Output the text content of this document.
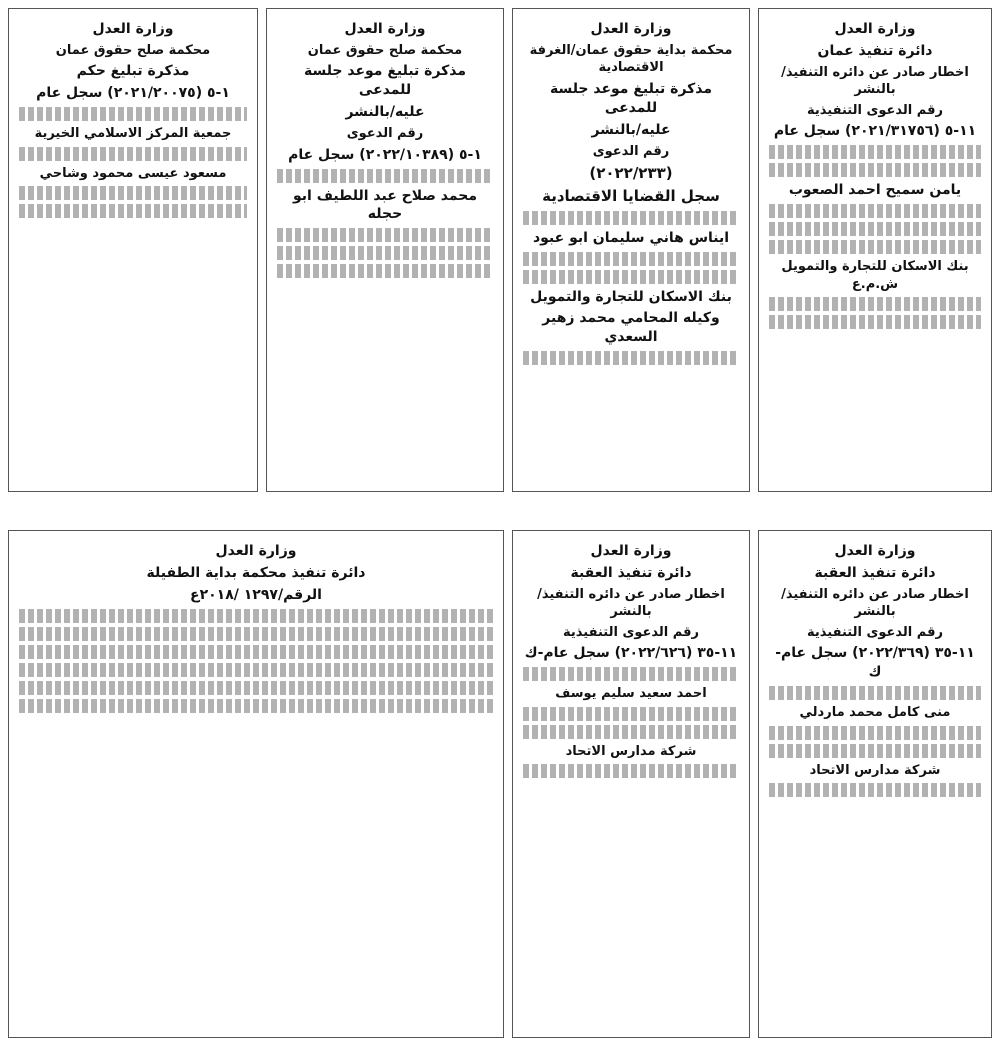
وزارة العدل

دائرة تنفيذ عمان

اخطار صادر عن دائره التنفيذ/ بالنشر

رقم الدعوى التنفيذية

١١-٥ (٢٠٢١/٣١٧٥٦) سجل عام

يامن سميح احمد الصعوب

بنك الاسكان للتجارة والتمويل ش.م.ع

وزارة العدل

محكمة بداية حقوق عمان/الغرفة الاقتصادية

مذكرة تبليغ موعد جلسة للمدعى

عليه/بالنشر

رقم الدعوى

(٢٠٢٢/٢٣٣)

سجل القضايا الاقتصادية

ايناس هاني سليمان ابو عبود

بنك الاسكان للتجارة والتمويل

وكيله المحامي محمد زهير السعدي

وزارة العدل

محكمة صلح حقوق عمان

مذكرة تبليغ موعد جلسة للمدعى

عليه/بالنشر

رقم الدعوى

١-٥ (٢٠٢٢/١٠٣٨٩) سجل عام

محمد صلاح عبد اللطيف ابو حجله

وزارة العدل

محكمة صلح حقوق عمان

مذكرة تبليغ حكم

١-٥ (٢٠٢١/٢٠٠٧٥) سجل عام

جمعية المركز الاسلامي الخيرية

مسعود عيسى محمود وشاحي

وزارة العدل

دائرة تنفيذ العقبة

اخطار صادر عن دائره التنفيذ/ بالنشر

رقم الدعوى التنفيذية

١١-٣٥ (٢٠٢٢/٣٦٩) سجل عام-ك

منى كامل محمد ماردلي

شركة مدارس الاتحاد

وزارة العدل

دائرة تنفيذ العقبة

اخطار صادر عن دائره التنفيذ/ بالنشر

رقم الدعوى التنفيذية

١١-٣٥ (٢٠٢٢/٦٢٦) سجل عام-ك

احمد سعيد سليم يوسف

شركة مدارس الاتحاد

وزارة العدل

دائرة تنفيذ محكمة بداية الطفيلة

الرقم/١٢٩٧ /٢٠١٨ع
